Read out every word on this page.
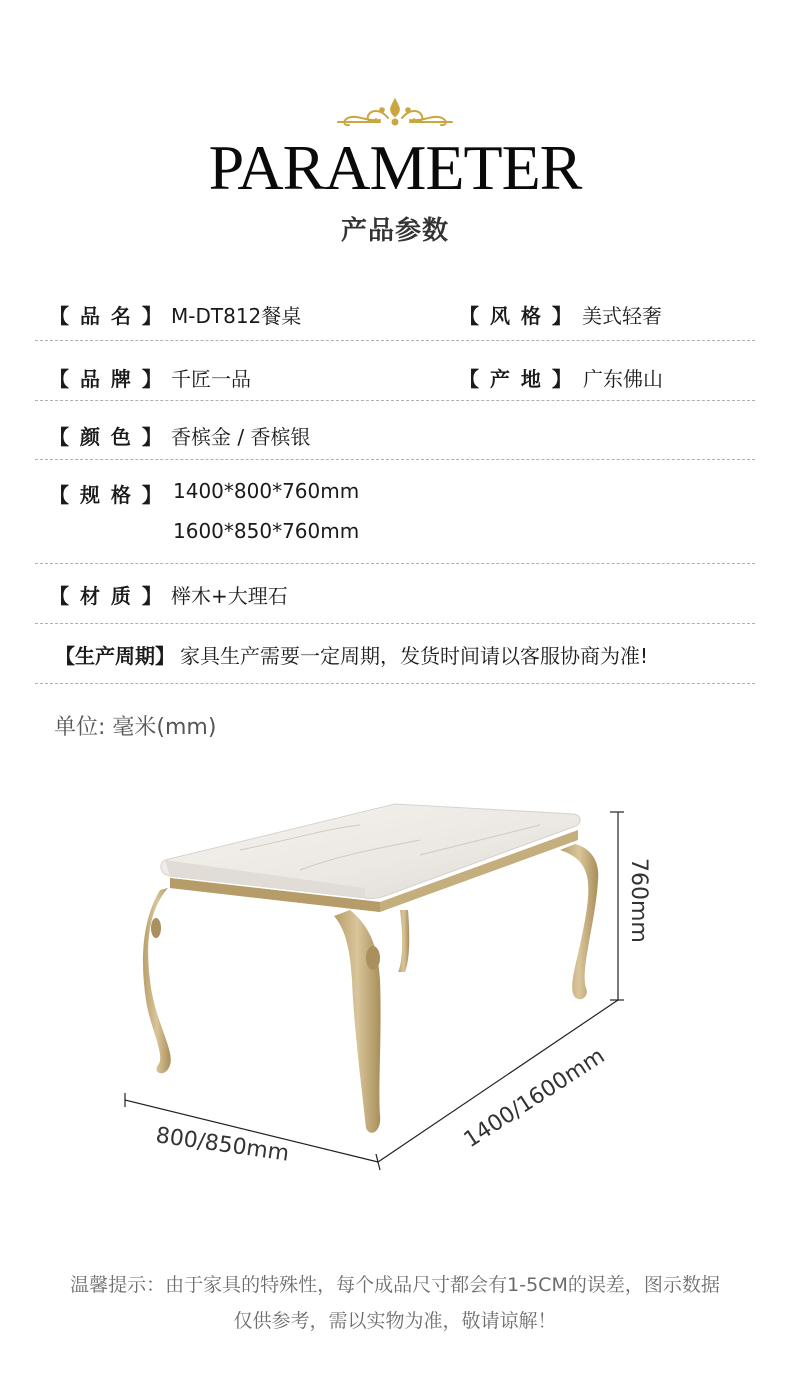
PARAMETER
产品参数
【 品 名 】 M-DT812餐桌	【 风 格 】 美式轻奢
【 品 牌 】 千匠一品	【 产 地 】 广东佛山
【 颜 色 】 香槟金 / 香槟银
【 规 格 】 1400*800*760mm
1600*850*760mm
【 材 质 】 榉木+大理石
【生产周期】 家具生产需要一定周期，发货时间请以客服协商为准!
单位: 毫米(mm)
760mm
1400/1600mm
800/850mm
温馨提示：由于家具的特殊性，每个成品尺寸都会有1-5CM的误差，图示数据
仅供参考，需以实物为准，敬请谅解！
